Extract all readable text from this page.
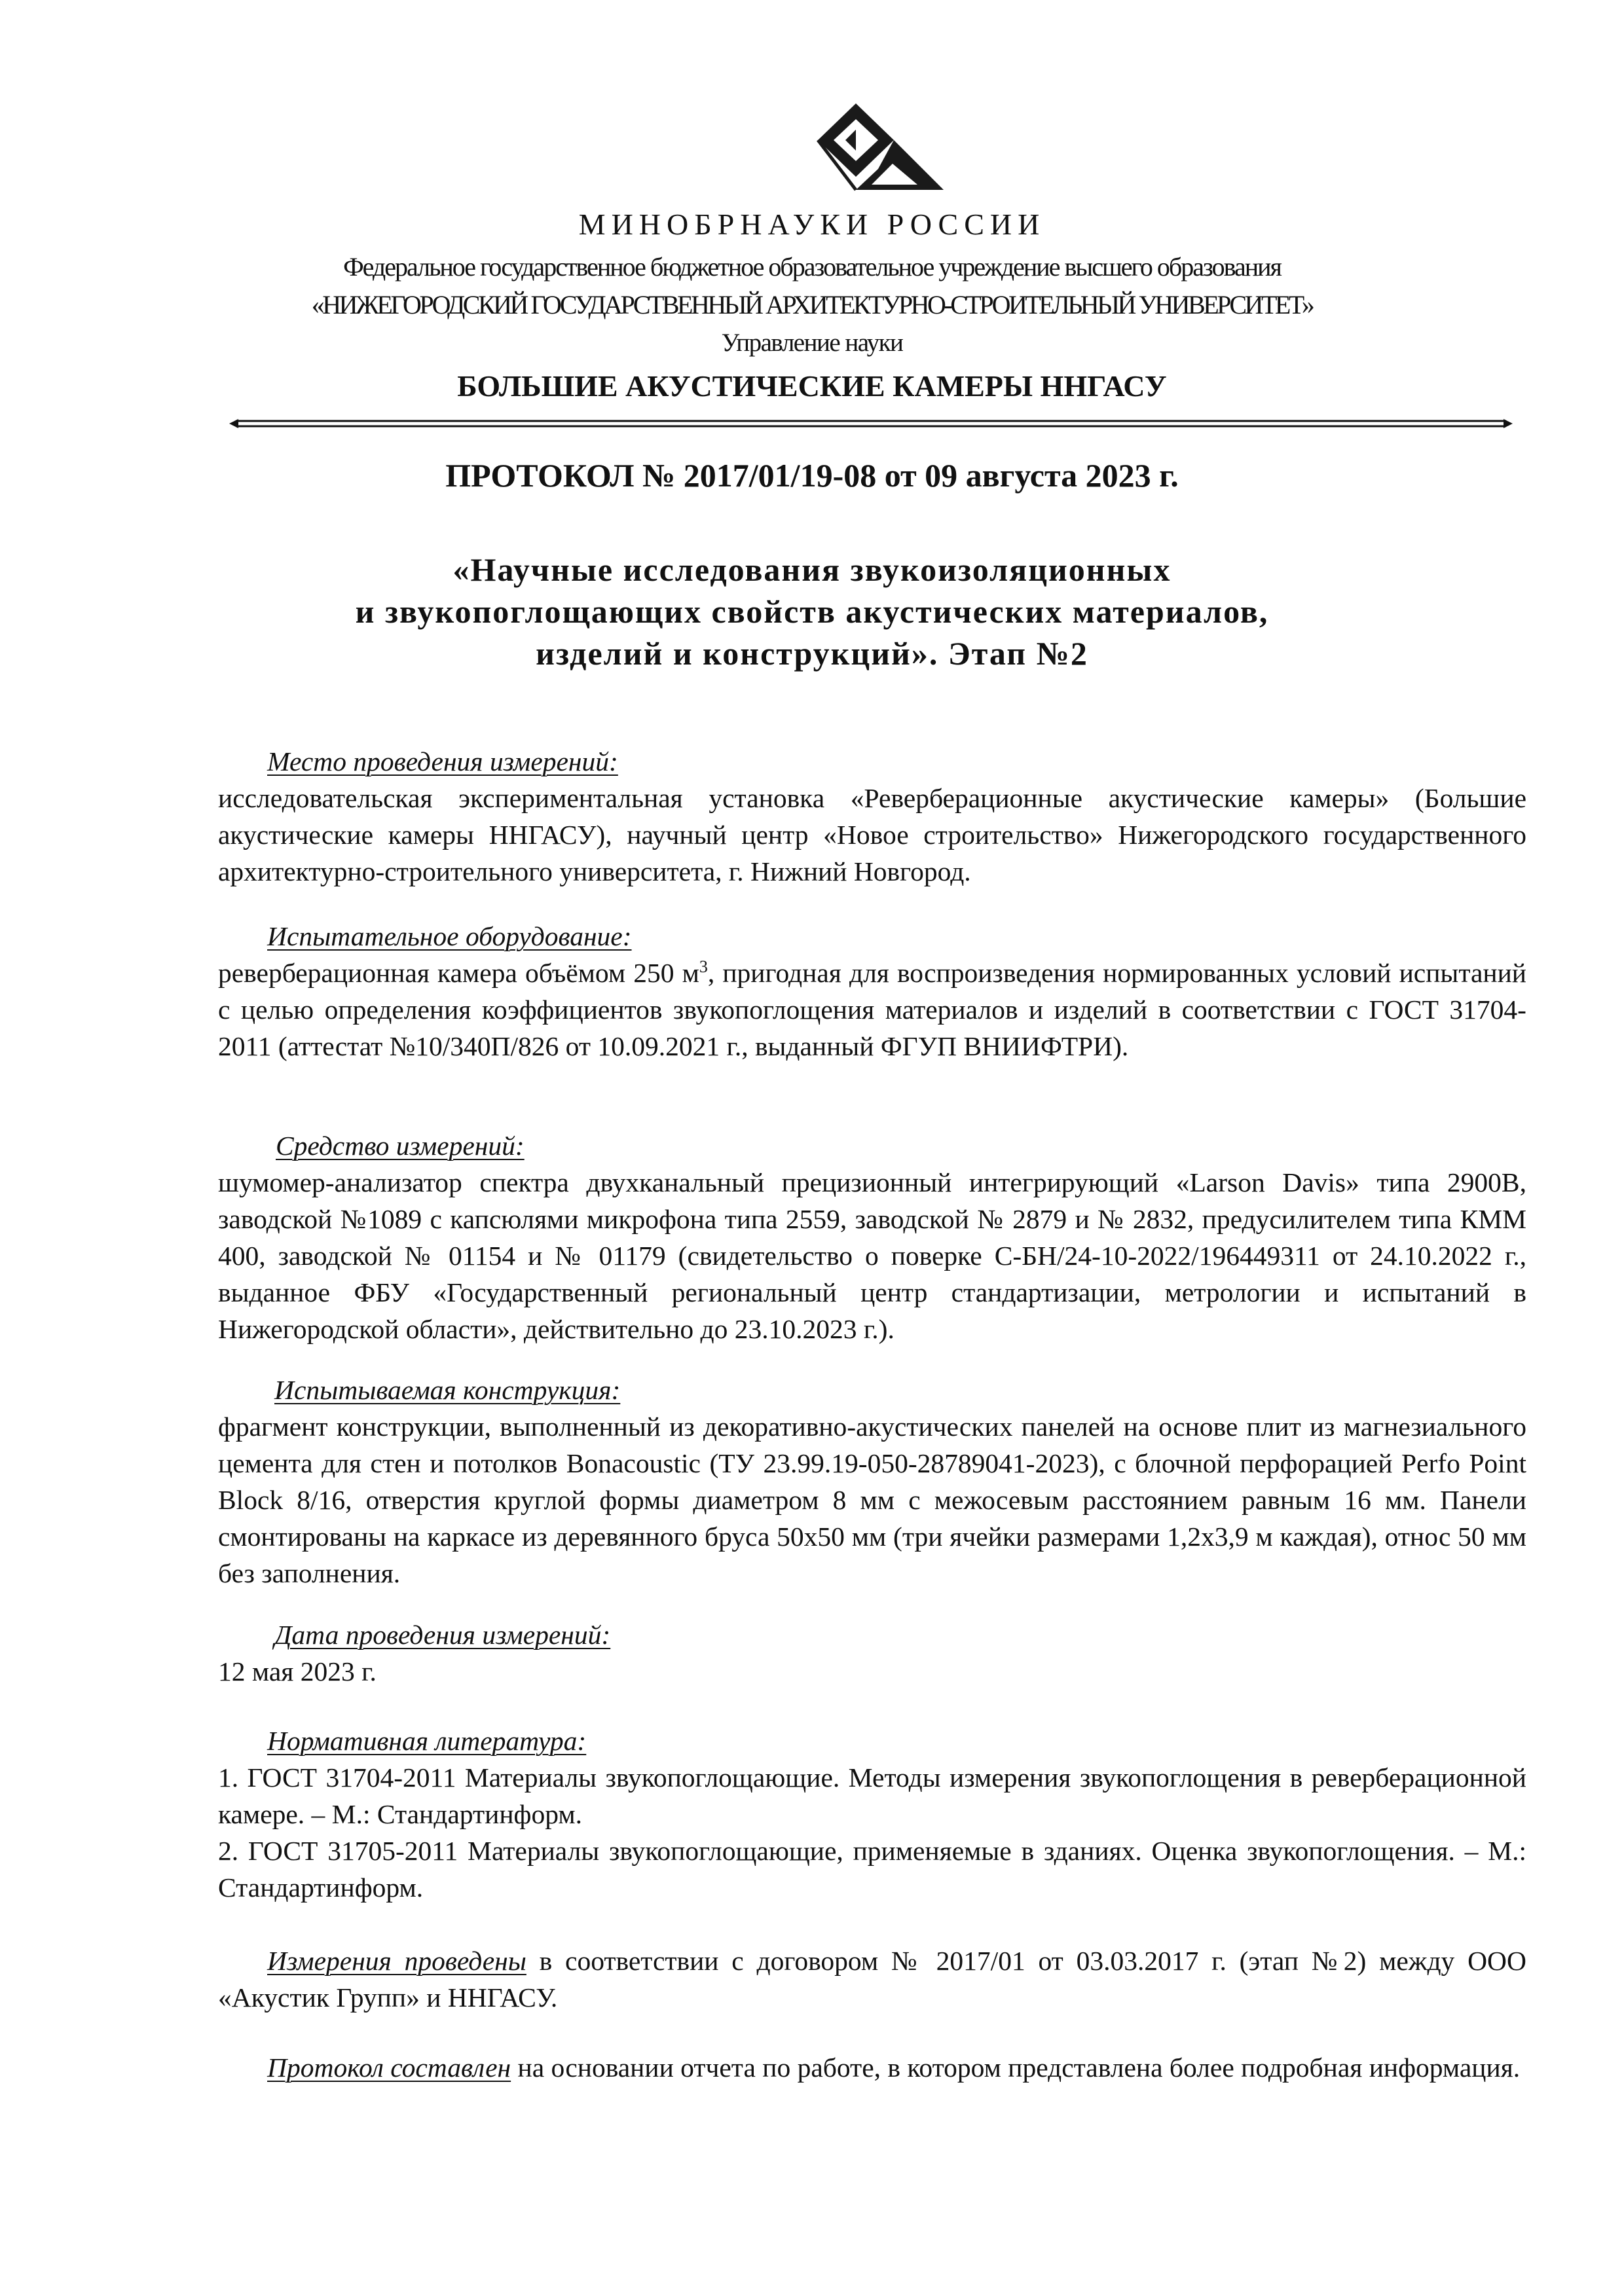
МИНОБРНАУКИ РОССИИ
Федеральное государственное бюджетное образовательное учреждение высшего образования
«НИЖЕГОРОДСКИЙ ГОСУДАРСТВЕННЫЙ АРХИТЕКТУРНО-СТРОИТЕЛЬНЫЙ УНИВЕРСИТЕТ»
Управление науки
БОЛЬШИЕ АКУСТИЧЕСКИЕ КАМЕРЫ ННГАСУ
ПРОТОКОЛ № 2017/01/19-08 от 09 августа 2023 г.
«Научные исследования звукоизоляционных
и звукопоглощающих свойств акустических материалов,
изделий и конструкций». Этап №2
Место проведения измерений:
исследовательская экспериментальная установка «Реверберационные акустические камеры» (Большие акустические камеры ННГАСУ), научный центр «Новое строительство» Нижегородского государственного архитектурно-строительного университета, г. Нижний Новгород.
Испытательное оборудование:
реверберационная камера объёмом 250 $м^3$, пригодная для воспроизведения нормированных условий испытаний с целью определения коэффициентов звукопоглощения материалов и изделий в соответствии с ГОСТ 31704-2011 (аттестат №10/340П/826 от 10.09.2021 г., выданный ФГУП ВНИИФТРИ).
Средство измерений:
шумомер-анализатор спектра двухканальный прецизионный интегрирующий «Larson Davis» типа 2900B, заводской №1089 с капсюлями микрофона типа 2559, заводской № 2879 и № 2832, предусилителем типа КММ 400, заводской № 01154 и № 01179 (свидетельство о поверке С-БН/24-10-2022/196449311 от 24.10.2022 г., выданное ФБУ «Государственный региональный центр стандартизации, метрологии и испытаний в Нижегородской области», действительно до 23.10.2023 г.).
Испытываемая конструкция:
фрагмент конструкции, выполненный из декоративно-акустических панелей на основе плит из магнезиального цемента для стен и потолков Bonacoustic (ТУ 23.99.19-050-28789041-2023), с блочной перфорацией Perfo Point Block 8/16, отверстия круглой формы диаметром 8 мм с межосевым расстоянием равным 16 мм. Панели смонтированы на каркасе из деревянного бруса 50х50 мм (три ячейки размерами 1,2х3,9 м каждая), относ 50 мм без заполнения.
Дата проведения измерений:
12 мая 2023 г.
Нормативная литература:
1. ГОСТ 31704-2011 Материалы звукопоглощающие. Методы измерения звукопоглощения в реверберационной камере. – М.: Стандартинформ.
2. ГОСТ 31705-2011 Материалы звукопоглощающие, применяемые в зданиях. Оценка звукопоглощения. – М.: Стандартинформ.
Измерения проведены в соответствии с договором № 2017/01 от 03.03.2017 г. (этап №2) между ООО «Акустик Групп» и ННГАСУ.
Протокол составлен на основании отчета по работе, в котором представлена более подробная информация.
